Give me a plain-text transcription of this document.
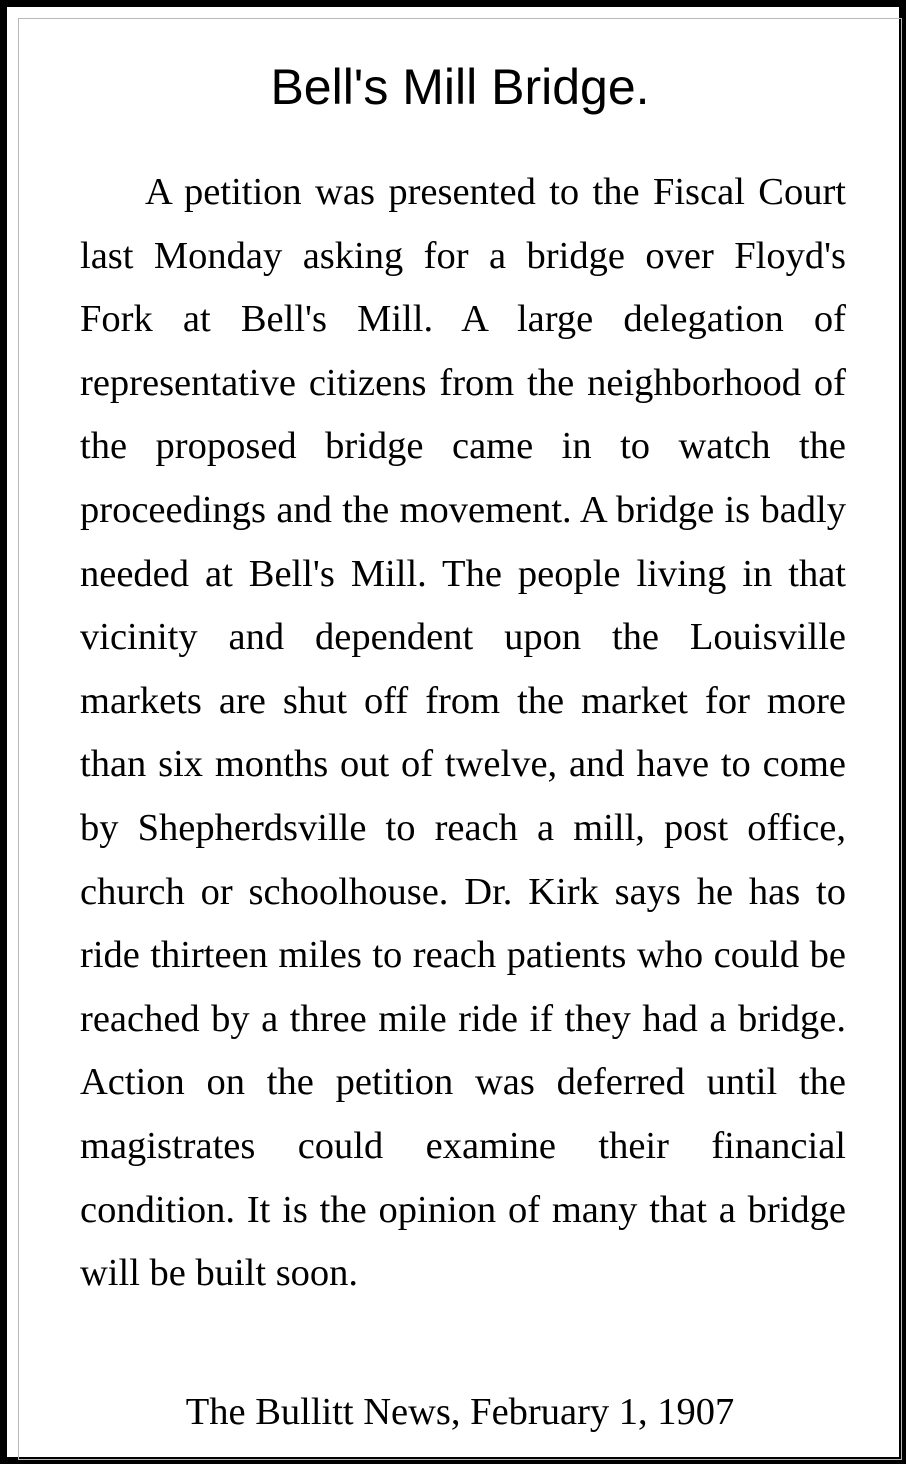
Bell's Mill Bridge.

A petition was presented to the Fiscal Court last Monday asking for a bridge over Floyd's Fork at Bell's Mill. A large delegation of representative citizens from the neighborhood of the proposed bridge came in to watch the proceedings and the movement. A bridge is badly needed at Bell's Mill. The people living in that vicinity and dependent upon the Louisville markets are shut off from the market for more than six months out of twelve, and have to come by Shepherdsville to reach a mill, post office, church or schoolhouse. Dr. Kirk says he has to ride thirteen miles to reach patients who could be reached by a three mile ride if they had a bridge. Action on the petition was deferred until the magistrates could examine their financial condition. It is the opinion of many that a bridge will be built soon.

The Bullitt News, February 1, 1907
